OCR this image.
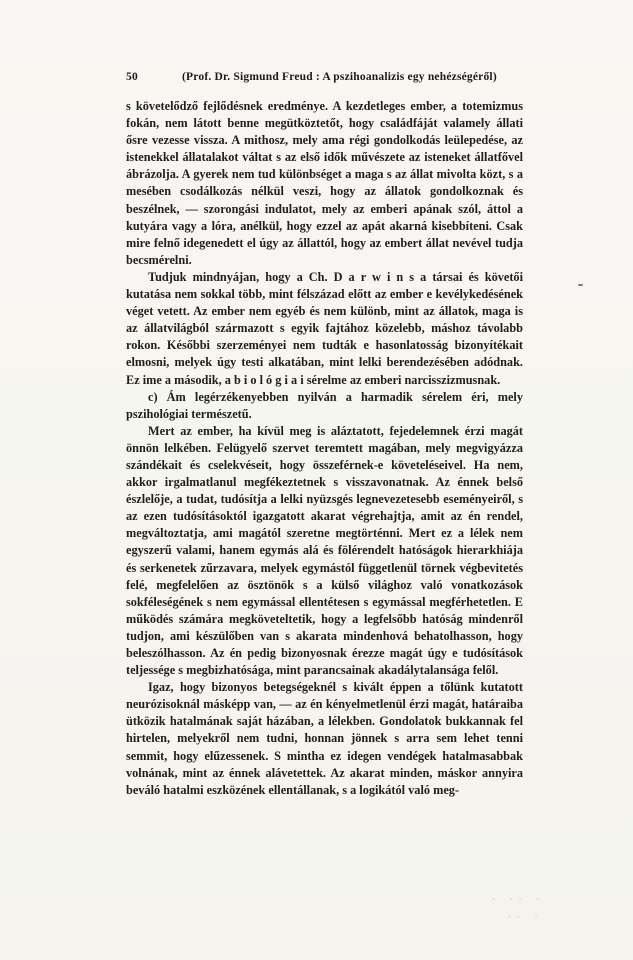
50	(Prof. Dr. Sigmund Freud : A pszihoanalizis egy nehézségéről)

s követelődző fejlődésnek eredménye. A kezdetleges ember, a totemizmus fokán, nem látott benne megütköztetőt, hogy családfáját valamely állati ősre vezesse vissza. A mithosz, mely ama régi gondolkodás leülepedése, az istenekkel állatalakot váltat s az első idők művészete az isteneket állatfővel ábrázolja. A gyerek nem tud különbséget a maga s az állat mivolta közt, s a mesében csodálkozás nélkül veszi, hogy az állatok gondolkoznak és beszélnek, — szorongási indulatot, mely az emberi apának szól, áttol a kutyára vagy a lóra, anélkül, hogy ezzel az apát akarná kisebbíteni. Csak mire felnő idegenedett el úgy az állattól, hogy az embert állat nevével tudja becsmérelni.

Tudjuk mindnyájan, hogy a Ch. D a r w i n s a társai és követői kutatása nem sokkal több, mint félszázad előtt az ember e kevélykedésének véget vetett. Az ember nem egyéb és nem különb, mint az állatok, maga is az állatvilágból származott s egyik fajtához közelebb, máshoz távolabb rokon. Későbbi szerzeményei nem tudták e hasonlatosság bizonyítékait elmosni, melyek úgy testi alkatában, mint lelki berendezésében adódnak. Ez ime a második, a b i o l ó g i a i sérelme az emberi narcisszizmusnak.

c) Ám legérzékenyebben nyilván a harmadik sérelem éri, mely pszihológiai természetű.

Mert az ember, ha kívül meg is aláztatott, fejedelemnek érzi magát önnön lelkében. Felügyelő szervet teremtett magában, mely megvigyázza szándékait és cselekvéseit, hogy összeférnek-e követeléseivel. Ha nem, akkor irgalmatlanul megfékeztetnek s visszavonatnak. Az énnek belső észlelője, a tudat, tudósítja a lelki nyüzsgés legnevezetesebb eseményeiről, s az ezen tudósításoktól igazgatott akarat végrehajtja, amit az én rendel, megváltoztatja, ami magától szeretne megtörténni. Mert ez a lélek nem egyszerű valami, hanem egymás alá és fölérendelt hatóságok hierarkhiája és serkenetek zűrzavara, melyek egymástól függetlenül törnek végbevitetés felé, megfelelően az ösztönök s a külső világhoz való vonatkozások sokféleségének s nem egymással ellentétesen s egymással megférhetetlen. E működés számára megköveteltetik, hogy a legfelsőbb hatóság mindenről tudjon, ami készülőben van s akarata mindenhová behatolhasson, hogy beleszólhasson. Az én pedig bizonyosnak érezze magát úgy e tudósítások teljessége s megbizhatósága, mint parancsainak akadálytalansága felől.

Igaz, hogy bizonyos betegségeknél s kivált éppen a tőlünk kutatott neurózisoknál másképp van, — az én kényelmetlenül érzi magát, határaiba ütközik hatalmának saját házában, a lélekben. Gondolatok bukkannak fel hirtelen, melyekről nem tudni, honnan jönnek s arra sem lehet tenni semmit, hogy elűzessenek. S mintha ez idegen vendégek hatalmasabbak volnának, mint az énnek alávetettek. Az akarat minden, máskor annyira beváló hatalmi eszközének ellentállanak, s a logikától való meg-

· ·· ·
·· ·
